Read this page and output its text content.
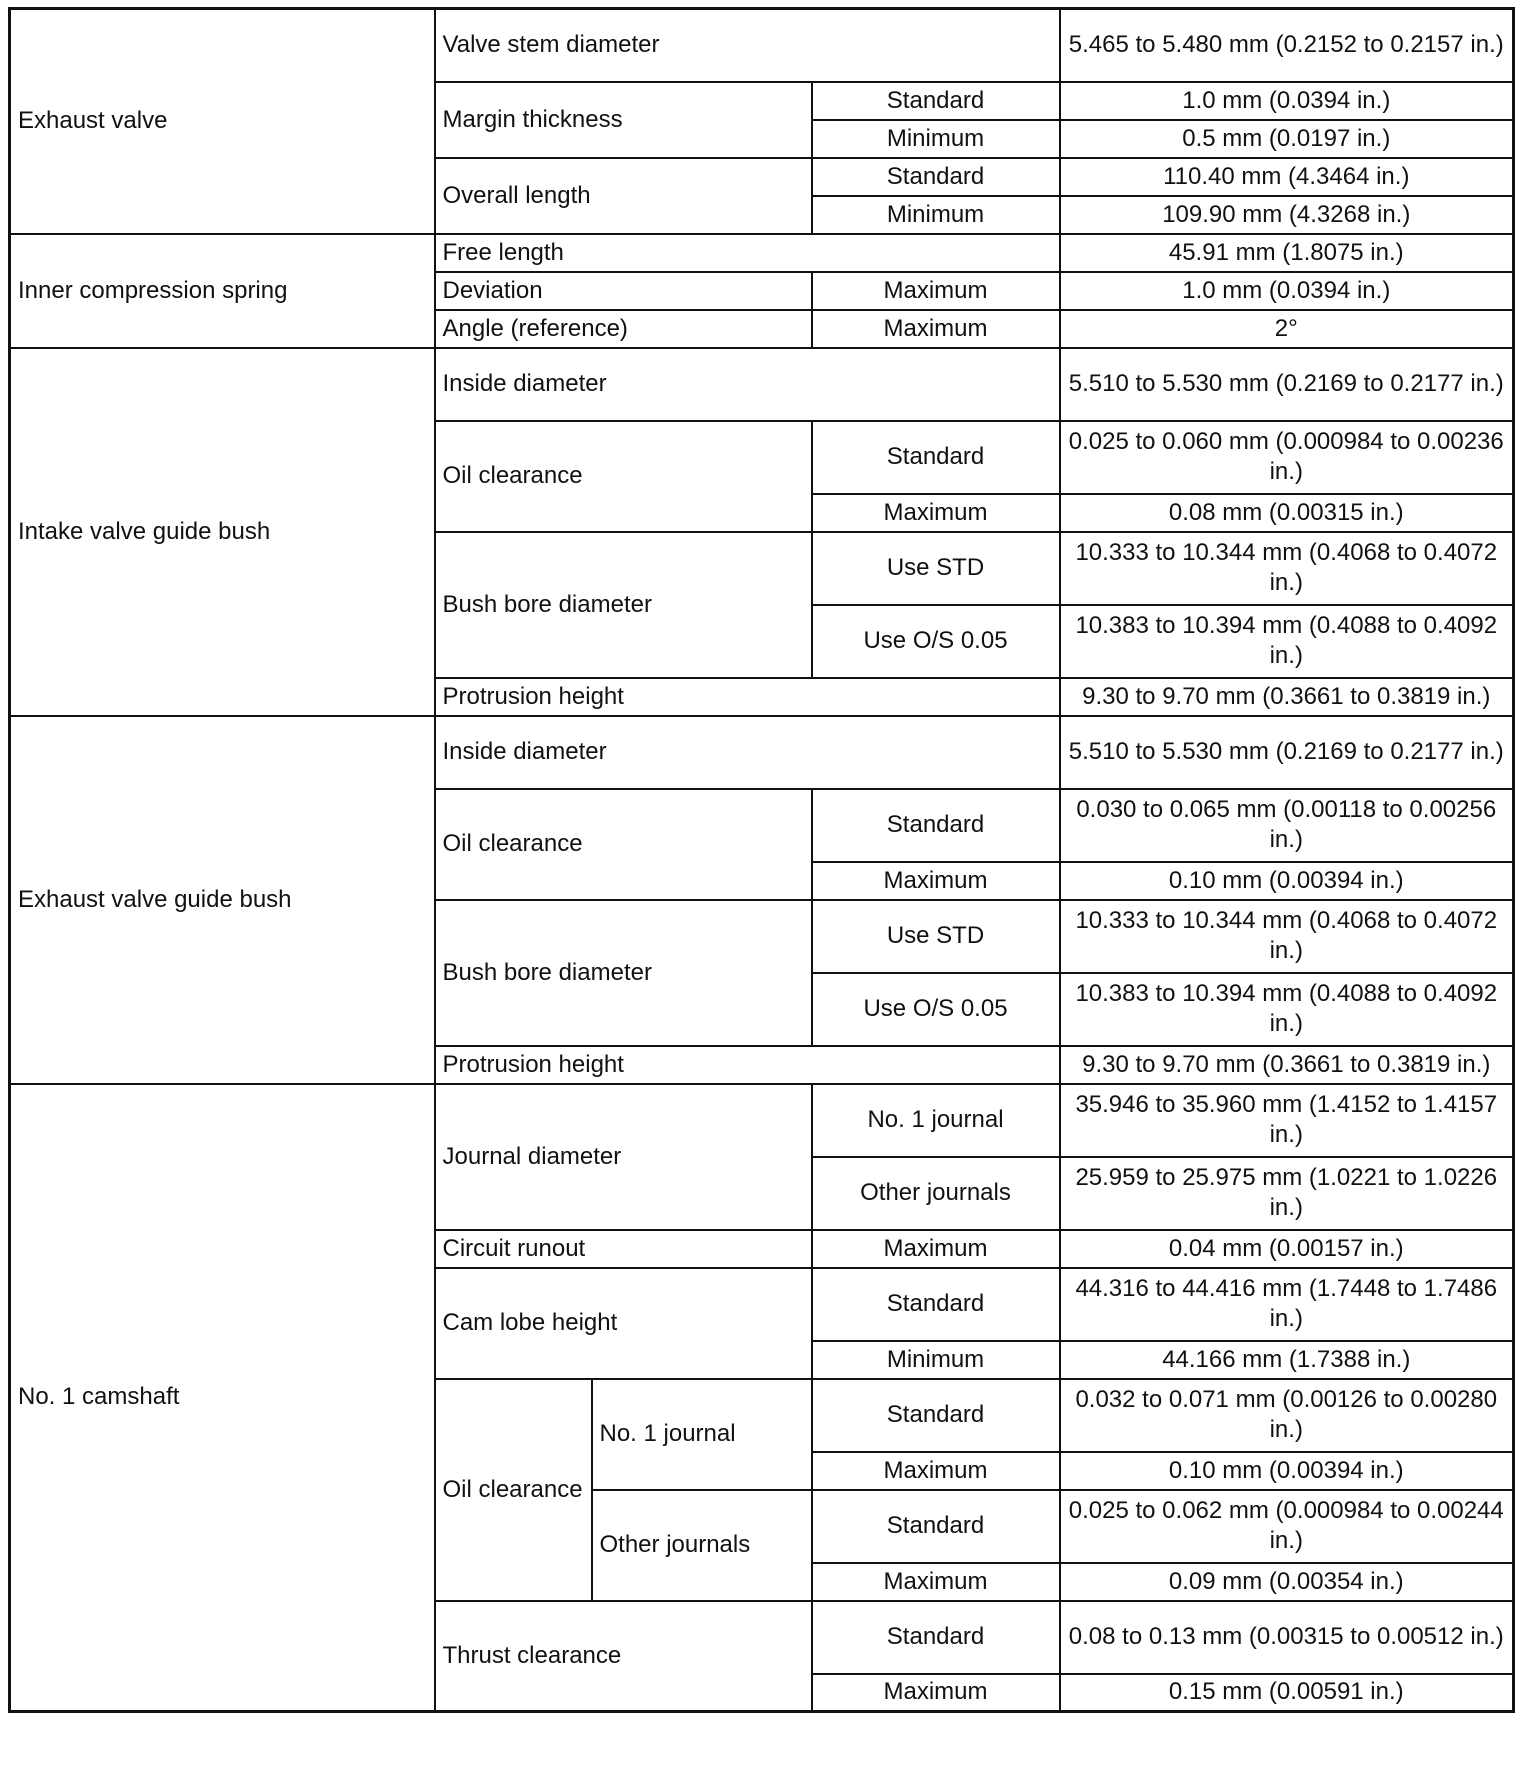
Exhaust valve	Valve stem diameter			5.465 to 5.480 mm (0.2152 to 0.2157 in.)
	Margin thickness		Standard	1.0 mm (0.0394 in.)
			Minimum	0.5 mm (0.0197 in.)
	Overall length		Standard	110.40 mm (4.3464 in.)
			Minimum	109.90 mm (4.3268 in.)
Inner compression spring	Free length			45.91 mm (1.8075 in.)
	Deviation		Maximum	1.0 mm (0.0394 in.)
	Angle (reference)		Maximum	2°
Intake valve guide bush	Inside diameter			5.510 to 5.530 mm (0.2169 to 0.2177 in.)
	Oil clearance		Standard	0.025 to 0.060 mm (0.000984 to 0.00236 in.)
			Maximum	0.08 mm (0.00315 in.)
	Bush bore diameter		Use STD	10.333 to 10.344 mm (0.4068 to 0.4072 in.)
			Use O/S 0.05	10.383 to 10.394 mm (0.4088 to 0.4092 in.)
	Protrusion height			9.30 to 9.70 mm (0.3661 to 0.3819 in.)
Exhaust valve guide bush	Inside diameter			5.510 to 5.530 mm (0.2169 to 0.2177 in.)
	Oil clearance		Standard	0.030 to 0.065 mm (0.00118 to 0.00256 in.)
			Maximum	0.10 mm (0.00394 in.)
	Bush bore diameter		Use STD	10.333 to 10.344 mm (0.4068 to 0.4072 in.)
			Use O/S 0.05	10.383 to 10.394 mm (0.4088 to 0.4092 in.)
	Protrusion height			9.30 to 9.70 mm (0.3661 to 0.3819 in.)
No. 1 camshaft	Journal diameter		No. 1 journal	35.946 to 35.960 mm (1.4152 to 1.4157 in.)
			Other journals	25.959 to 25.975 mm (1.0221 to 1.0226 in.)
	Circuit runout		Maximum	0.04 mm (0.00157 in.)
	Cam lobe height		Standard	44.316 to 44.416 mm (1.7448 to 1.7486 in.)
			Minimum	44.166 mm (1.7388 in.)
	Oil clearance	No. 1 journal	Standard	0.032 to 0.071 mm (0.00126 to 0.00280 in.)
			Maximum	0.10 mm (0.00394 in.)
		Other journals	Standard	0.025 to 0.062 mm (0.000984 to 0.00244 in.)
			Maximum	0.09 mm (0.00354 in.)
	Thrust clearance		Standard	0.08 to 0.13 mm (0.00315 to 0.00512 in.)
			Maximum	0.15 mm (0.00591 in.)
